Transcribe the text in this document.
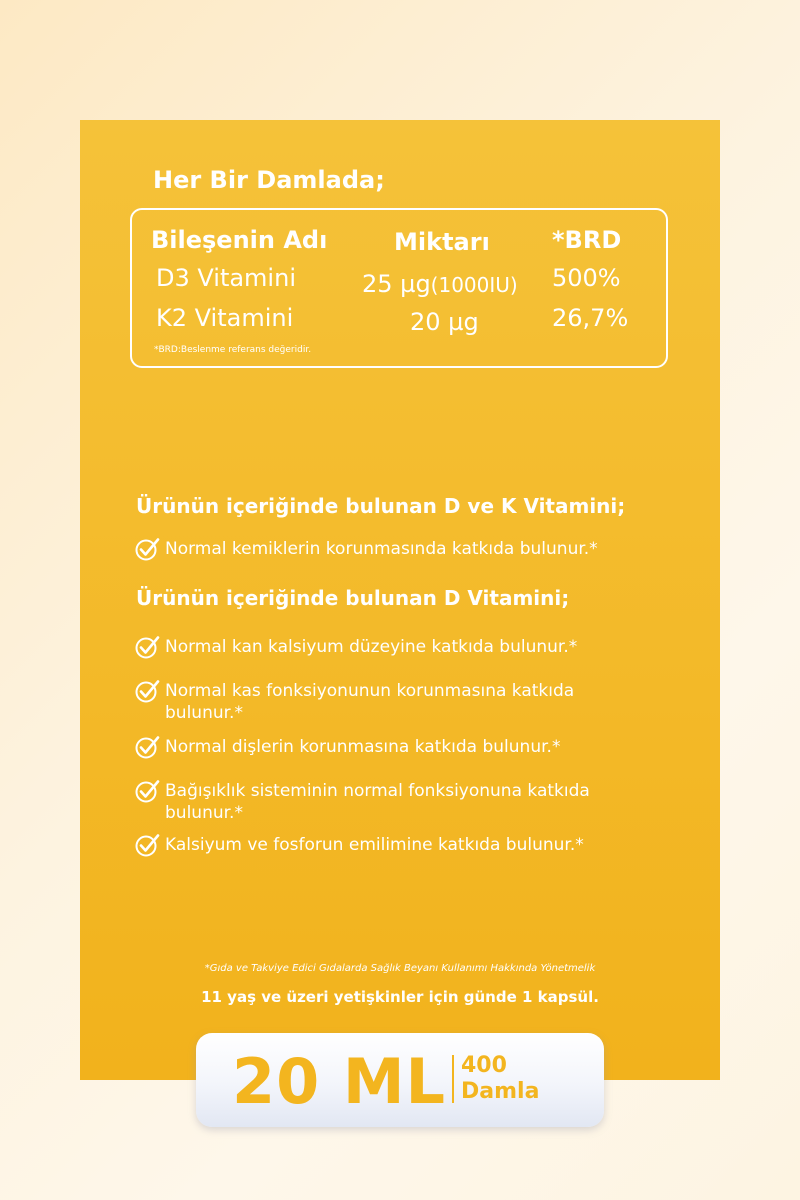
Her Bir Damlada;
Bileşenin Adı	Miktarı	*BRD
D3 Vitamini	25 µg(1000IU) 500%
K2 Vitamini	20 µg	26,7%
*BRD:Beslenme referans değeridir.
Ürünün içeriğinde bulunan D ve K Vitamini;
Normal kemiklerin korunmasında katkıda bulunur.*
Ürünün içeriğinde bulunan D Vitamini;
Normal kan kalsiyum düzeyine katkıda bulunur.*
Normal kas fonksiyonunun korunmasına katkıda bulunur.*
Normal dişlerin korunmasına katkıda bulunur.*
Bağışıklık sisteminin normal fonksiyonuna katkıda bulunur.*
Kalsiyum ve fosforun emilimine katkıda bulunur.*
*Gıda ve Takviye Edici Gıdalarda Sağlık Beyanı Kullanımı Hakkında Yönetmelik
11 yaş ve üzeri yetişkinler için günde 1 kapsül.
20 ML 400
Damla
